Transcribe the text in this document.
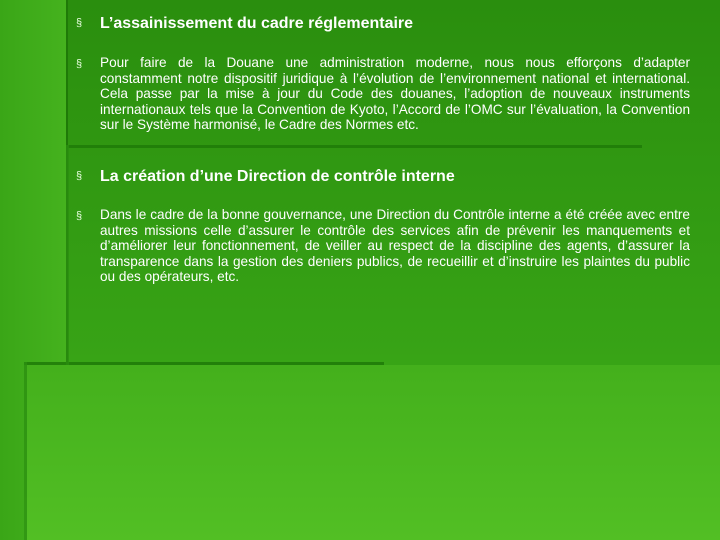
§	L’assainissement du cadre réglementaire
§	Pour faire de la Douane une administration moderne, nous nous efforçons d’adapter constamment notre dispositif juridique à l’évolution de l’environnement national et international. Cela passe par la mise à jour du Code des douanes, l’adoption de nouveaux instruments internationaux tels que la Convention de Kyoto, l’Accord de l’OMC sur l’évaluation, la Convention sur le Système harmonisé, le Cadre des Normes etc.
§	La création d’une Direction de contrôle interne
§	Dans le cadre de la bonne gouvernance, une Direction du Contrôle interne a été créée avec entre autres missions celle d’assurer le contrôle des services afin de prévenir les manquements et d’améliorer leur fonctionnement, de veiller au respect de la discipline des agents, d’assurer la transparence dans la gestion des deniers publics, de recueillir et d’instruire les plaintes du public ou des opérateurs, etc.
